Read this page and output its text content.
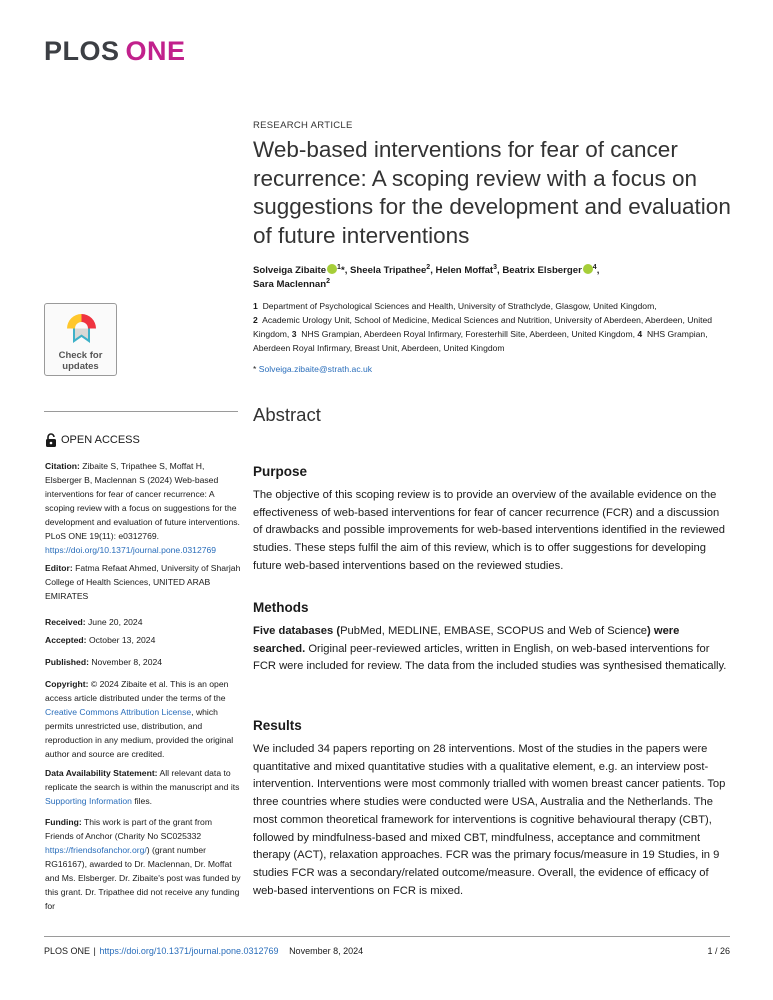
PLOS ONE
Check for
updates
OPEN ACCESS
Citation: Zibaite S, Tripathee S, Moffat H, Elsberger B, Maclennan S (2024) Web-based interventions for fear of cancer recurrence: A scoping review with a focus on suggestions for the development and evaluation of future interventions. PLoS ONE 19(11): e0312769. https://doi.org/10.1371/journal.pone.0312769
Editor: Fatma Refaat Ahmed, University of Sharjah College of Health Sciences, UNITED ARAB EMIRATES
Received: June 20, 2024
Accepted: October 13, 2024
Published: November 8, 2024
Copyright: © 2024 Zibaite et al. This is an open access article distributed under the terms of the Creative Commons Attribution License, which permits unrestricted use, distribution, and reproduction in any medium, provided the original author and source are credited.
Data Availability Statement: All relevant data to replicate the search is within the manuscript and its Supporting Information files.
Funding: This work is part of the grant from Friends of Anchor (Charity No SC025332 https://friendsofanchor.org/) (grant number RG16167), awarded to Dr. Maclennan, Dr. Moffat and Ms. Elsberger. Dr. Zibaite's post was funded by this grant. Dr. Tripathee did not receive any funding for
RESEARCH ARTICLE
Web-based interventions for fear of cancer recurrence: A scoping review with a focus on suggestions for the development and evaluation of future interventions
Solveiga Zibaite $^1$*, Sheela Tripathee$^2$, Helen Moffat$^3$, Beatrix Elsberger $^4$,
Sara Maclennan$^2$
1 Department of Psychological Sciences and Health, University of Strathclyde, Glasgow, United Kingdom,
2 Academic Urology Unit, School of Medicine, Medical Sciences and Nutrition, University of Aberdeen, Aberdeen, United Kingdom, 3 NHS Grampian, Aberdeen Royal Infirmary, Foresterhill Site, Aberdeen, United Kingdom, 4 NHS Grampian, Aberdeen Royal Infirmary, Breast Unit, Aberdeen, United Kingdom
* Solveiga.zibaite@strath.ac.uk
Abstract
Purpose

The objective of this scoping review is to provide an overview of the available evidence on the effectiveness of web-based interventions for fear of cancer recurrence (FCR) and a discussion of drawbacks and possible improvements for web-based interventions identified in the reviewed studies. These steps fulfil the aim of this review, which is to offer suggestions for developing future web-based interventions based on the reviewed studies.

Methods

Five databases (PubMed, MEDLINE, EMBASE, SCOPUS and Web of Science) were searched. Original peer-reviewed articles, written in English, on web-based interventions for FCR were included for review. The data from the included studies was synthesised thematically.

Results

We included 34 papers reporting on 28 interventions. Most of the studies in the papers were quantitative and mixed quantitative studies with a qualitative element, e.g. an interview post-intervention. Interventions were most commonly trialled with women breast cancer patients. Top three countries where studies were conducted were USA, Australia and the Netherlands. The most common theoretical framework for interventions is cognitive behavioural therapy (CBT), followed by mindfulness-based and mixed CBT, mindfulness, acceptance and commitment therapy (ACT), relaxation approaches. FCR was the primary focus/measure in 19 Studies, in 9 studies FCR was a secondary/related outcome/measure. Overall, the evidence of efficacy of web-based interventions on FCR is mixed.

PLOS ONE | https://doi.org/10.1371/journal.pone.0312769 November 8, 2024	1 / 26
